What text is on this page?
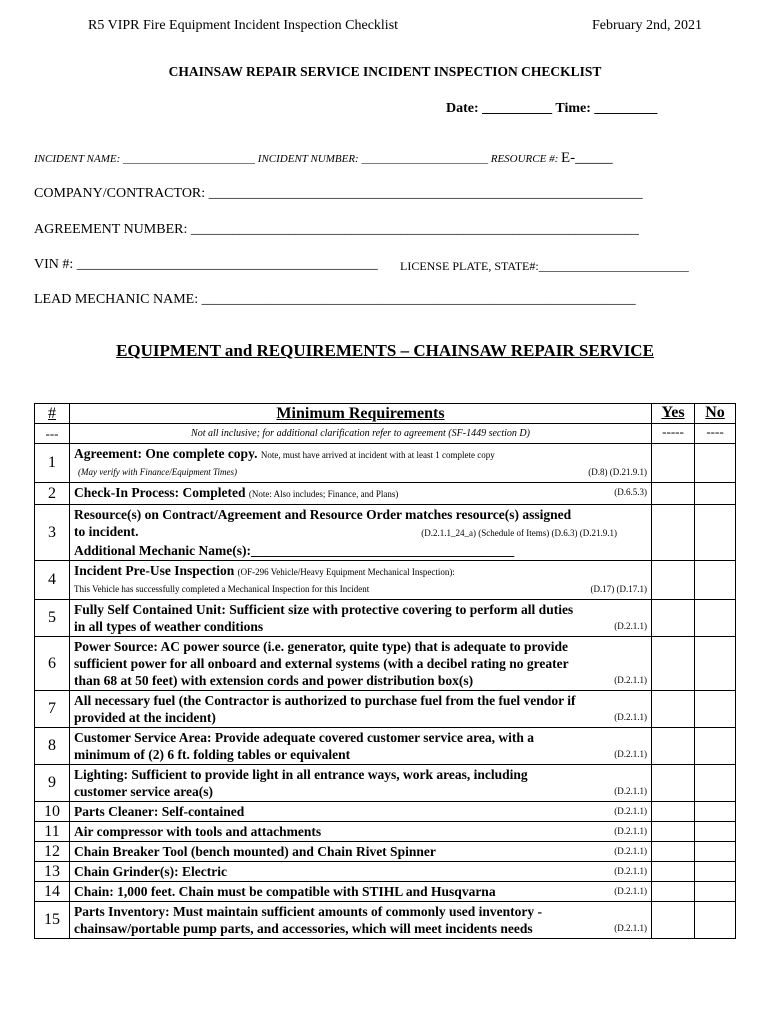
R5 VIPR Fire Equipment Incident Inspection Checklist	February 2nd, 2021
CHAINSAW REPAIR SERVICE INCIDENT INSPECTION CHECKLIST
Date: __________ Time: _________
INCIDENT NAME: ________________________ INCIDENT NUMBER: _______________________ RESOURCE #: E-_____
COMPANY/CONTRACTOR: ______________________________________________________________
AGREEMENT NUMBER: ________________________________________________________________
VIN #: ___________________________________________ LICENSE PLATE, STATE#:_________________________
LEAD MECHANIC NAME: ______________________________________________________________
EQUIPMENT and REQUIREMENTS – CHAINSAW REPAIR SERVICE
#	Minimum Requirements	Yes	No

---	Not all inclusive; for additional clarification refer to agreement (SF-1449 section D)	-----	----

1	Agreement: One complete copy. Note, must have arrived at incident with at least 1 complete copy
(May verify with Finance/Equipment Times) (D.8) (D.21.9.1)		

2	Check-In Process: Completed (Note: Also includes; Finance, and Plans) (D.6.5.3)		

3	Resource(s) on Contract/Agreement and Resource Order matches resource(s) assigned
to incident. (D.2.1.1_24_a) (Schedule of Items) (D.6.3) (D.21.9.1)
Additional Mechanic Name(s):_______________________________________		

4	Incident Pre-Use Inspection (OF-296 Vehicle/Heavy Equipment Mechanical Inspection):
This Vehicle has successfully completed a Mechanical Inspection for this Incident (D.17) (D.17.1)		

5	Fully Self Contained Unit: Sufficient size with protective covering to perform all duties
in all types of weather conditions (D.2.1.1)		

6	Power Source: AC power source (i.e. generator, quite type) that is adequate to provide
sufficient power for all onboard and external systems (with a decibel rating no greater
than 68 at 50 feet) with extension cords and power distribution box(s) (D.2.1.1)		

7	All necessary fuel (the Contractor is authorized to purchase fuel from the fuel vendor if
provided at the incident) (D.2.1.1)		

8	Customer Service Area: Provide adequate covered customer service area, with a
minimum of (2) 6 ft. folding tables or equivalent (D.2.1.1)		

9	Lighting: Sufficient to provide light in all entrance ways, work areas, including
customer service area(s) (D.2.1.1)		

10	Parts Cleaner: Self-contained (D.2.1.1)		

11	Air compressor with tools and attachments (D.2.1.1)		

12	Chain Breaker Tool (bench mounted) and Chain Rivet Spinner (D.2.1.1)		

13	Chain Grinder(s): Electric (D.2.1.1)		

14	Chain: 1,000 feet. Chain must be compatible with STIHL and Husqvarna (D.2.1.1)		

15	Parts Inventory: Must maintain sufficient amounts of commonly used inventory -
chainsaw/portable pump parts, and accessories, which will meet incidents needs (D.2.1.1)		
